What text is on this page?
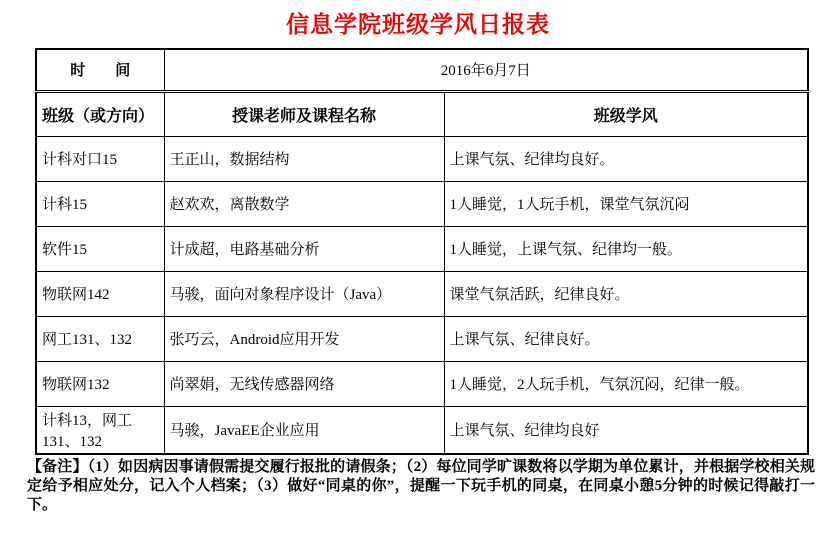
信息学院班级学风日报表
时　　间	2016年6月7日	
班级（或方向）	授课老师及课程名称	班级学风
计科对口15	王正山，数据结构	上课气氛、纪律均良好。
计科15	赵欢欢，离散数学	1人睡觉，1人玩手机，课堂气氛沉闷
软件15	计成超，电路基础分析	1人睡觉，上课气氛、纪律均一般。
物联网142	马骏，面向对象程序设计（Java）	课堂气氛活跃，纪律良好。
网工131、132	张巧云，Android应用开发	上课气氛、纪律良好。
物联网132	尚翠娟，无线传感器网络	1人睡觉，2人玩手机，气氛沉闷，纪律一般。
计科13，网工131、132	马骏，JavaEE企业应用	上课气氛、纪律均良好
【备注】（1）如因病因事请假需提交履行报批的请假条；（2）每位同学旷课数将以学期为单位累计，并根据学校相关规定给予相应处分，记入个人档案；（3）做好“同桌的你”，提醒一下玩手机的同桌，在同桌小憩5分钟的时候记得敲打一下。
